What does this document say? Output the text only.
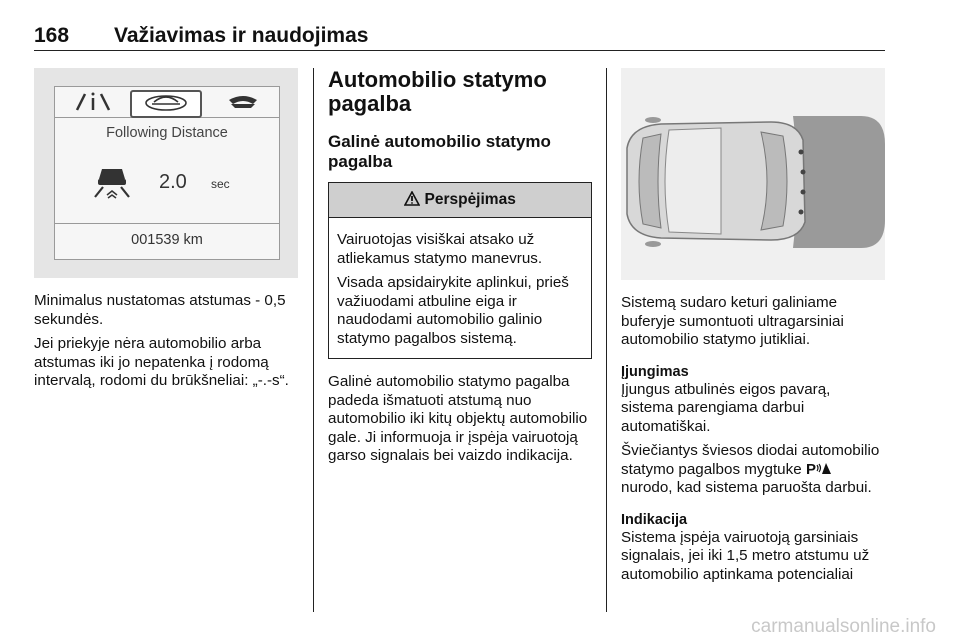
168 Važiavimas ir naudojimas
Following Distance
2.0 sec
001539 km

Minimalus nustatomas atstumas - 0,5 sekundės.

Jei priekyje nėra automobilio arba atstumas iki jo nepatenka į rodomą intervalą, rodomi du brūkšneliai: „-.-s“.

Automobilio statymo pagalba
Galinė automobilio statymo pagalba
Perspėjimas

Vairuotojas visiškai atsako už atliekamus statymo manevrus.

Visada apsidairykite aplinkui, prieš važiuodami atbuline eiga ir naudodami automobilio galinio statymo pagalbos sistemą.

Galinė automobilio statymo pagalba padeda išmatuoti atstumą nuo automobilio iki kitų objektų automobilio gale. Ji informuoja ir įspėja vairuotoją garso signalais bei vaizdo indikacija.

Sistemą sudaro keturi galiniame buferyje sumontuoti ultragarsiniai automobilio statymo jutikliai.

Įjungimas

Įjungus atbulinės eigos pavarą, sistema parengiama darbui automatiškai.

Šviečiantys šviesos diodai automobilio statymo pagalbos mygtuke P
nurodo, kad sistema paruošta darbui.

Indikacija

Sistema įspėja vairuotoją garsiniais signalais, jei iki 1,5 metro atstumu už automobilio aptinkama potencialiai

carmanualsonline.info
